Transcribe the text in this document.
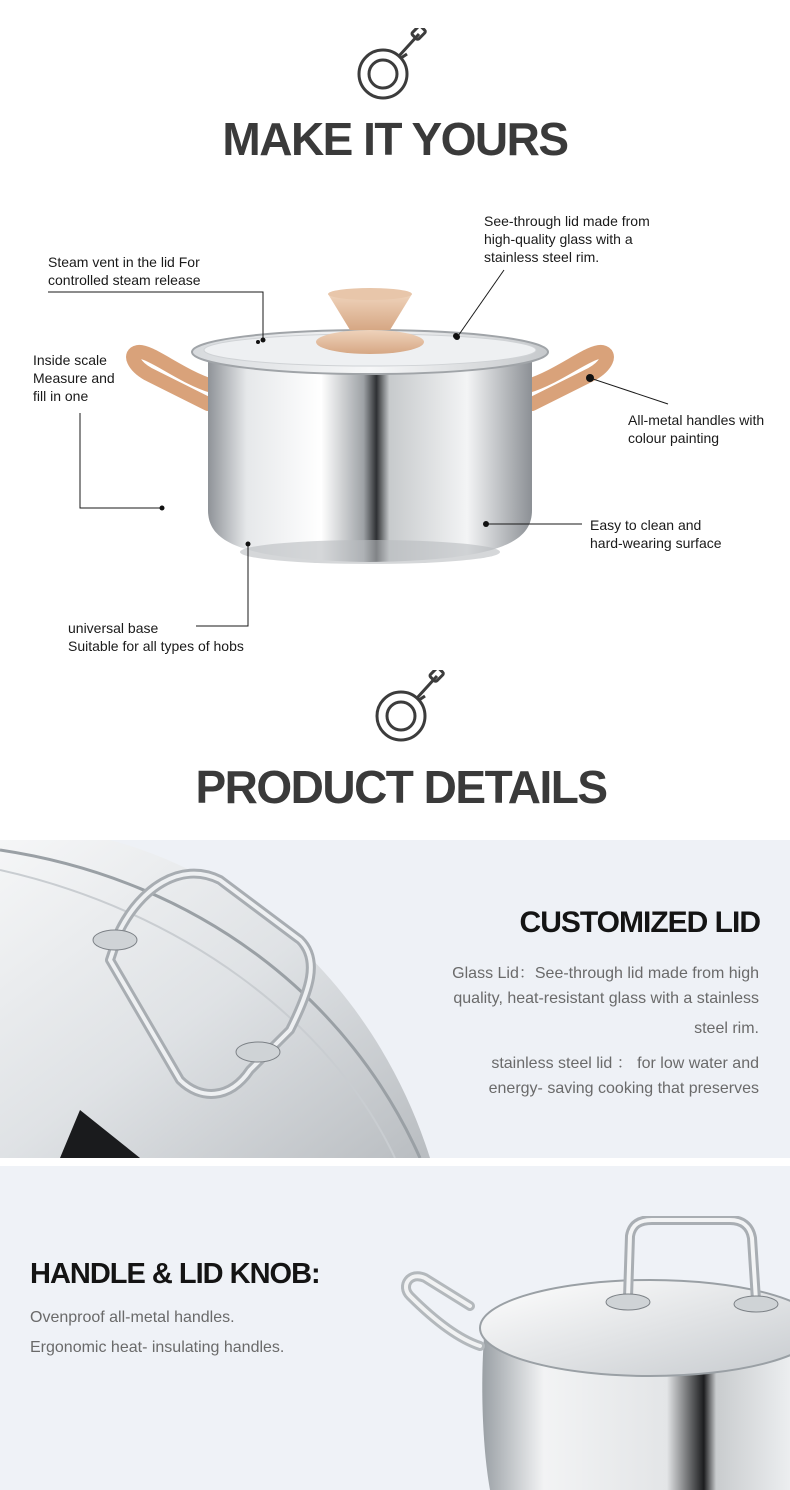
MAKE IT YOURS
Steam vent in the lid For
controlled steam release
See-through lid made from
high-quality glass with a
stainless steel rim.
Inside scale
Measure and
fill in one
All-metal handles with
colour painting
Easy to clean and
hard-wearing surface
universal base
Suitable for all types of hobs
PRODUCT DETAILS
CUSTOMIZED LID
Glass Lid：See-through lid made from high
quality, heat-resistant glass with a stainless
steel rim.
stainless steel lid ： for low water and
energy- saving cooking that preserves
HANDLE & LID KNOB:
Ovenproof all-metal handles.
Ergonomic heat- insulating handles.
